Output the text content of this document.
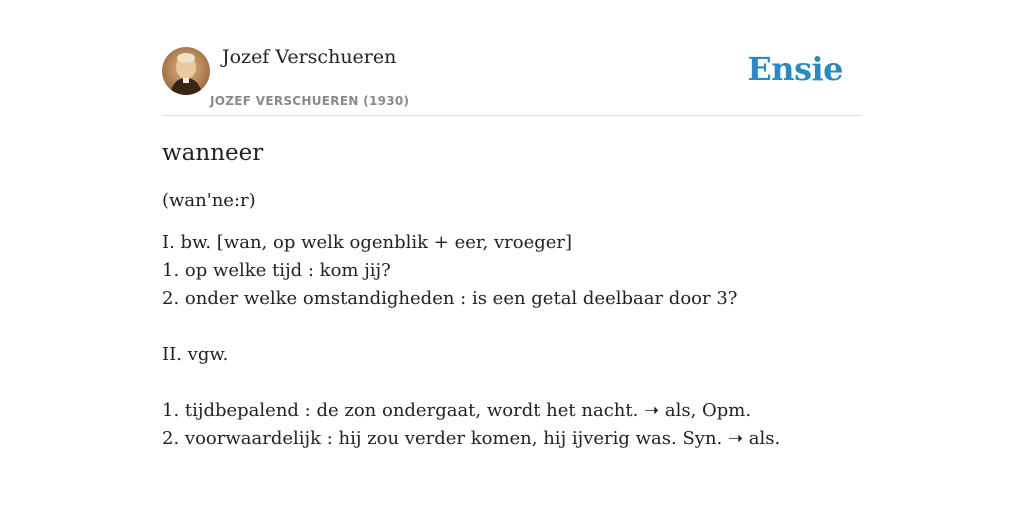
Jozef Verschueren
JOZEF VERSCHUEREN (1930)
Ensie
wanneer
(wan'ne:r)
I. bw. [wan, op welk ogenblik + eer, vroeger]
1. op welke tijd : kom jij?
2. onder welke omstandigheden : is een getal deelbaar door 3?
II. vgw.
1. tijdbepalend : de zon ondergaat, wordt het nacht. ➝ als, Opm.
2. voorwaardelijk : hij zou verder komen, hij ijverig was. Syn. ➝ als.
